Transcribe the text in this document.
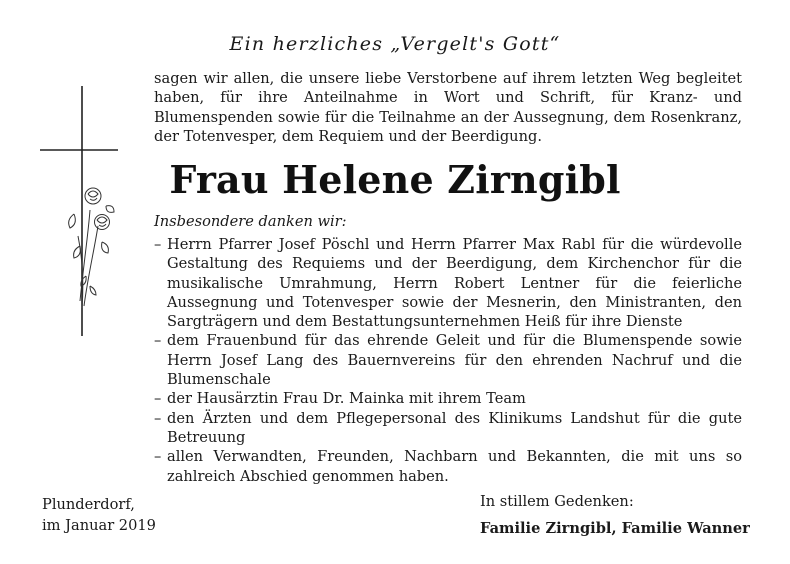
Ein herzliches „Vergelt's Gott“

sagen wir allen, die unsere liebe Verstorbene auf ihrem letzten Weg begleitet haben, für ihre Anteilnahme in Wort und Schrift, für Kranz- und Blumenspenden sowie für die Teilnahme an der Aussegnung, dem Rosenkranz, der Totenvesper, dem Requiem und der Beerdigung.

Frau Helene Zirngibl
Insbesondere danken wir:
– Herrn Pfarrer Josef Pöschl und Herrn Pfarrer Max Rabl für die würdevolle Gestaltung des Requiems und der Beerdigung, dem Kirchenchor für die musikalische Umrahmung, Herrn Robert Lentner für die feierliche Aussegnung und Totenvesper sowie der Mesnerin, den Ministranten, den Sargträgern und dem Bestattungsunternehmen Heiß für ihre Dienste
– dem Frauenbund für das ehrende Geleit und für die Blumenspende sowie Herrn Josef Lang des Bauernvereins für den ehrenden Nachruf und die Blumenschale
– der Hausärztin Frau Dr. Mainka mit ihrem Team
– den Ärzten und dem Pflegepersonal des Klinikums Landshut für die gute Betreuung
– allen Verwandten, Freunden, Nachbarn und Bekannten, die mit uns so zahlreich Abschied genommen haben.
Plunderdorf,
im Januar 2019
In stillem Gedenken:
Familie Zirngibl, Familie Wanner
